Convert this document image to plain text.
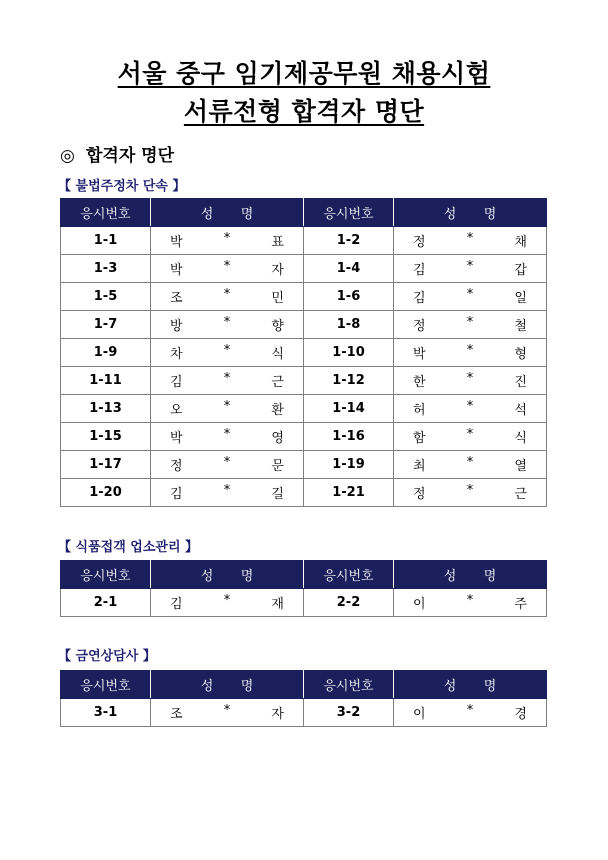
서울 중구 임기제공무원 채용시험
서류전형 합격자 명단
◎ 합격자 명단
【 불법주정차 단속 】
응시번호	성 명	응시번호	성 명
1-1	박 * 표	1-2	정 * 채

1-3	박 * 자	1-4	김 * 갑

1-5	조 * 민	1-6	김 * 일

1-7	방 * 향	1-8	정 * 철

1-9	차 * 식	1-10	박 * 형

1-11	김 * 근	1-12	한 * 진

1-13	오 * 환	1-14	허 * 석

1-15	박 * 영	1-16	함 * 식

1-17	정 * 문	1-19	최 * 열

1-20	김 * 길	1-21	정 * 근
【 식품접객 업소관리 】
응시번호	성 명	응시번호	성 명
2-1	김 * 재	2-2	이 * 주
【 금연상담사 】
응시번호	성 명	응시번호	성 명
3-1	조 * 자	3-2	이 * 경
